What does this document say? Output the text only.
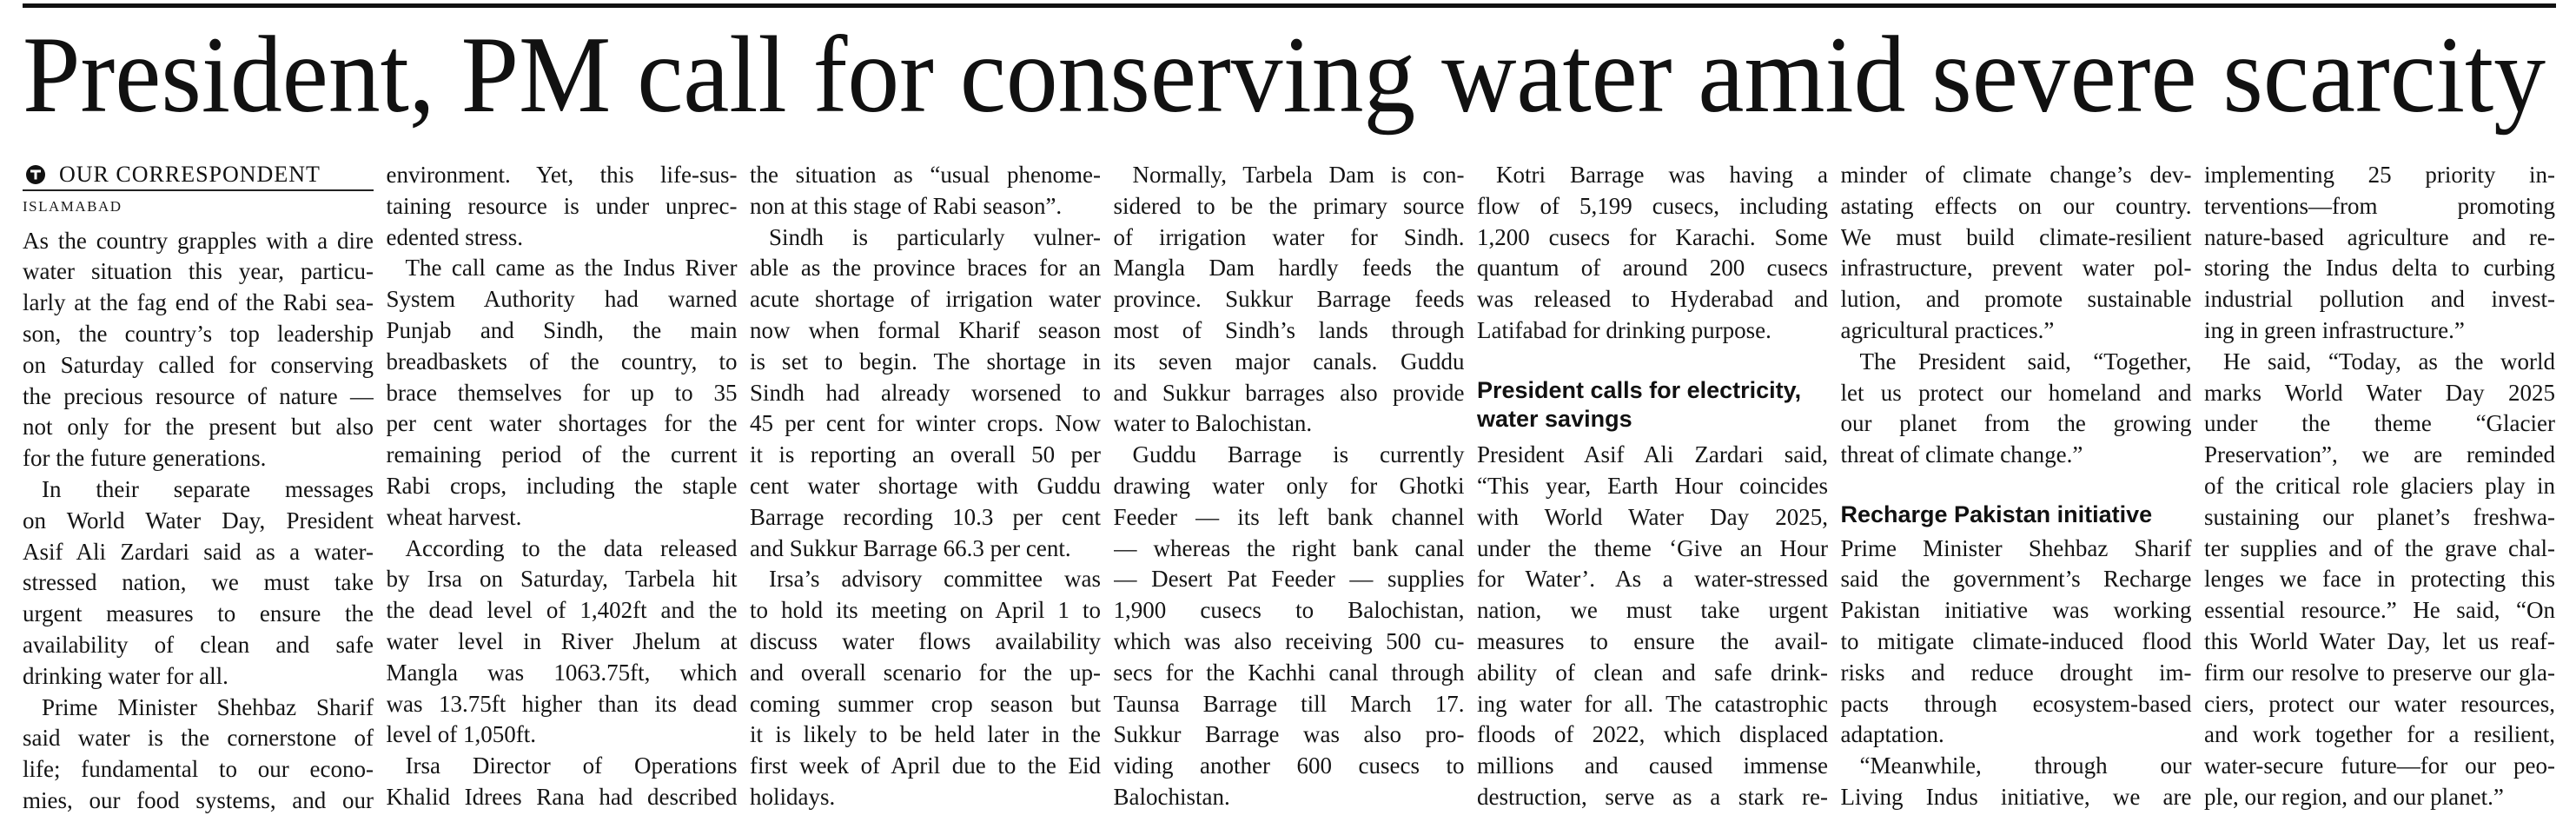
President, PM call for conserving water amid severe scarcity
OUR CORRESPONDENT
ISLAMABAD
As the country grapples with a dire
water situation this year, particu-
larly at the fag end of the Rabi sea-
son, the country’s top leadership
on Saturday called for conserving
the precious resource of nature —
not only for the present but also
for the future generations.
In their separate messages
on World Water Day, President
Asif Ali Zardari said as a water-
stressed nation, we must take
urgent measures to ensure the
availability of clean and safe
drinking water for all.
Prime Minister Shehbaz Sharif
said water is the cornerstone of
life; fundamental to our econo-
mies, our food systems, and our
environment. Yet, this life-sus-
taining resource is under unprec-
edented stress.
The call came as the Indus River
System Authority had warned
Punjab and Sindh, the main
breadbaskets of the country, to
brace themselves for up to 35
per cent water shortages for the
remaining period of the current
Rabi crops, including the staple
wheat harvest.
According to the data released
by Irsa on Saturday, Tarbela hit
the dead level of 1,402ft and the
water level in River Jhelum at
Mangla was 1063.75ft, which
was 13.75ft higher than its dead
level of 1,050ft.
Irsa Director of Operations
Khalid Idrees Rana had described
the situation as “usual phenome-
non at this stage of Rabi season”.
Sindh is particularly vulner-
able as the province braces for an
acute shortage of irrigation water
now when formal Kharif season
is set to begin. The shortage in
Sindh had already worsened to
45 per cent for winter crops. Now
it is reporting an overall 50 per
cent water shortage with Guddu
Barrage recording 10.3 per cent
and Sukkur Barrage 66.3 per cent.
Irsa’s advisory committee was
to hold its meeting on April 1 to
discuss water flows availability
and overall scenario for the up-
coming summer crop season but
it is likely to be held later in the
first week of April due to the Eid
holidays.
Normally, Tarbela Dam is con-
sidered to be the primary source
of irrigation water for Sindh.
Mangla Dam hardly feeds the
province. Sukkur Barrage feeds
most of Sindh’s lands through
its seven major canals. Guddu
and Sukkur barrages also provide
water to Balochistan.
Guddu Barrage is currently
drawing water only for Ghotki
Feeder — its left bank channel
— whereas the right bank canal
— Desert Pat Feeder — supplies
1,900 cusecs to Balochistan,
which was also receiving 500 cu-
secs for the Kachhi canal through
Taunsa Barrage till March 17.
Sukkur Barrage was also pro-
viding another 600 cusecs to
Balochistan.
Kotri Barrage was having a
flow of 5,199 cusecs, including
1,200 cusecs for Karachi. Some
quantum of around 200 cusecs
was released to Hyderabad and
Latifabad for drinking purpose.
President calls for electricity,
water savings
President Asif Ali Zardari said,
“This year, Earth Hour coincides
with World Water Day 2025,
under the theme ‘Give an Hour
for Water’. As a water-stressed
nation, we must take urgent
measures to ensure the avail-
ability of clean and safe drink-
ing water for all. The catastrophic
floods of 2022, which displaced
millions and caused immense
destruction, serve as a stark re-
minder of climate change’s dev-
astating effects on our country.
We must build climate-resilient
infrastructure, prevent water pol-
lution, and promote sustainable
agricultural practices.”
The President said, “Together,
let us protect our homeland and
our planet from the growing
threat of climate change.”
Recharge Pakistan initiative
Prime Minister Shehbaz Sharif
said the government’s Recharge
Pakistan initiative was working
to mitigate climate-induced flood
risks and reduce drought im-
pacts through ecosystem-based
adaptation.
“Meanwhile, through our
Living Indus initiative, we are
implementing 25 priority in-
terventions—from promoting
nature-based agriculture and re-
storing the Indus delta to curbing
industrial pollution and invest-
ing in green infrastructure.”
He said, “Today, as the world
marks World Water Day 2025
under the theme “Glacier
Preservation”, we are reminded
of the critical role glaciers play in
sustaining our planet’s freshwa-
ter supplies and of the grave chal-
lenges we face in protecting this
essential resource.” He said, “On
this World Water Day, let us reaf-
firm our resolve to preserve our gla-
ciers, protect our water resources,
and work together for a resilient,
water-secure future—for our peo-
ple, our region, and our planet.”
